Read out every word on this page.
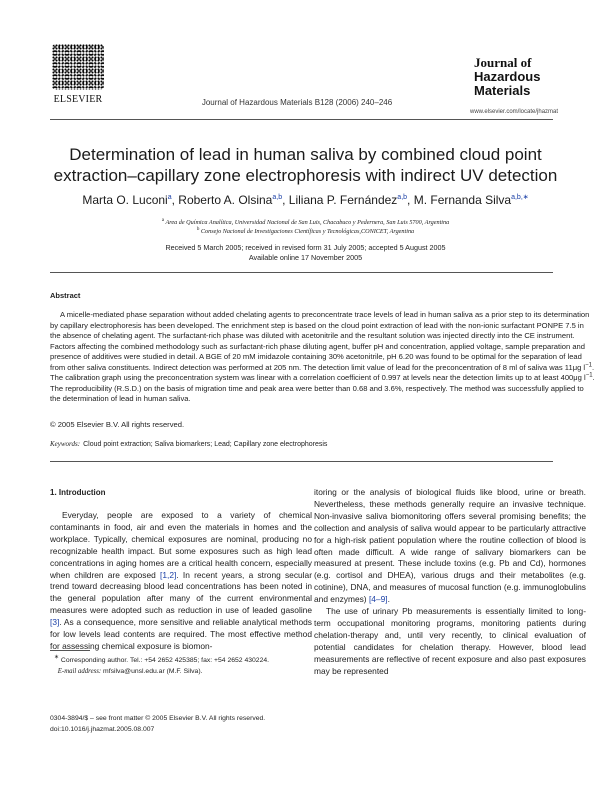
ELSEVIER	Journal of Hazardous Materials B128 (2006) 240–246
Journal of
Hazardous
Materials
www.elsevier.com/locate/jhazmat
Determination of lead in human saliva by combined cloud point
extraction–capillary zone electrophoresis with indirect UV detection
Marta O. Luconi$^a$, Roberto A. Olsina$^{a,b}$, Liliana P. Fernández$^{a,b}$, M. Fernanda Silva$^{a,b,∗}$
$^a$ Area de Química Analítica, Universidad Nacional de San Luis, Chacabuco y Pedernera, San Luis 5700, Argentina
$^b$ Consejo Nacional de Investigaciones Científicas y Tecnológicas,CONICET, Argentina
Received 5 March 2005; received in revised form 31 July 2005; accepted 5 August 2005
Available online 17 November 2005
Abstract
A micelle-mediated phase separation without added chelating agents to preconcentrate trace levels of lead in human saliva as a prior step to its determination by capillary electrophoresis has been developed. The enrichment step is based on the cloud point extraction of lead with the non-ionic surfactant PONPE 7.5 in the absence of chelating agent. The surfactant-rich phase was diluted with acetonitrile and the resultant solution was injected directly into the CE instrument. Factors affecting the combined methodology such as surfactant-rich phase diluting agent, buffer pH and concentration, applied voltage, sample preparation and presence of additives were studied in detail. A BGE of 20 mM imidazole containing 30% acetonitrile, pH 6.20 was found to be optimal for the separation of lead from other saliva constituents. Indirect detection was performed at 205 nm. The detection limit value of lead for the preconcentration of 8 ml of saliva was 11μg $l^{-1}$. The calibration graph using the preconcentration system was linear with a correlation coefficient of 0.997 at levels near the detection limits up to at least 400μg $l^{-1}$. The reproducibility (R.S.D.) on the basis of migration time and peak area were better than 0.68 and 3.6%, respectively. The method was successfully applied to the determination of lead in human saliva.
© 2005 Elsevier B.V. All rights reserved.
Keywords: Cloud point extraction; Saliva biomarkers; Lead; Capillary zone electrophoresis
1. Introduction
Everyday, people are exposed to a variety of chemical contaminants in food, air and even the materials in homes and the workplace. Typically, chemical exposures are nominal, producing no recognizable health impact. But some exposures such as high lead concentrations in aging homes are a critical health concern, especially when children are exposed [1,2]. In recent years, a strong secular trend toward decreasing blood lead concentrations has been noted in the general population after many of the current environmental measures were adopted such as reduction in use of leaded gasoline [3]. As a consequence, more sensitive and reliable analytical methods for low levels lead contents are required. The most effective method for assessing chemical exposure is biomon-

itoring or the analysis of biological fluids like blood, urine or breath. Nevertheless, these methods generally require an invasive technique. Non-invasive saliva biomonitoring offers several promising benefits; the collection and analysis of saliva would appear to be particularly attractive for a high-risk patient population where the routine collection of blood is often made difficult. A wide range of salivary biomarkers can be measured at present. These include toxins (e.g. Pb and Cd), hormones (e.g. cortisol and DHEA), various drugs and their metabolites (e.g. cotinine), DNA, and measures of mucosal function (e.g. immunoglobulins and enzymes) [4–9].

The use of urinary Pb measurements is essentially limited to long-term occupational monitoring programs, monitoring patients during chelation-therapy and, until very recently, to clinical evaluation of potential candidates for chelation therapy. However, blood lead measurements are reflective of recent exposure and also past exposures may be represented

∗ Corresponding author. Tel.: +54 2652 425385; fax: +54 2652 430224.
E-mail address: mfsilva@unsl.edu.ar (M.F. Silva).
0304-3894/$ – see front matter © 2005 Elsevier B.V. All rights reserved.
doi:10.1016/j.jhazmat.2005.08.007
